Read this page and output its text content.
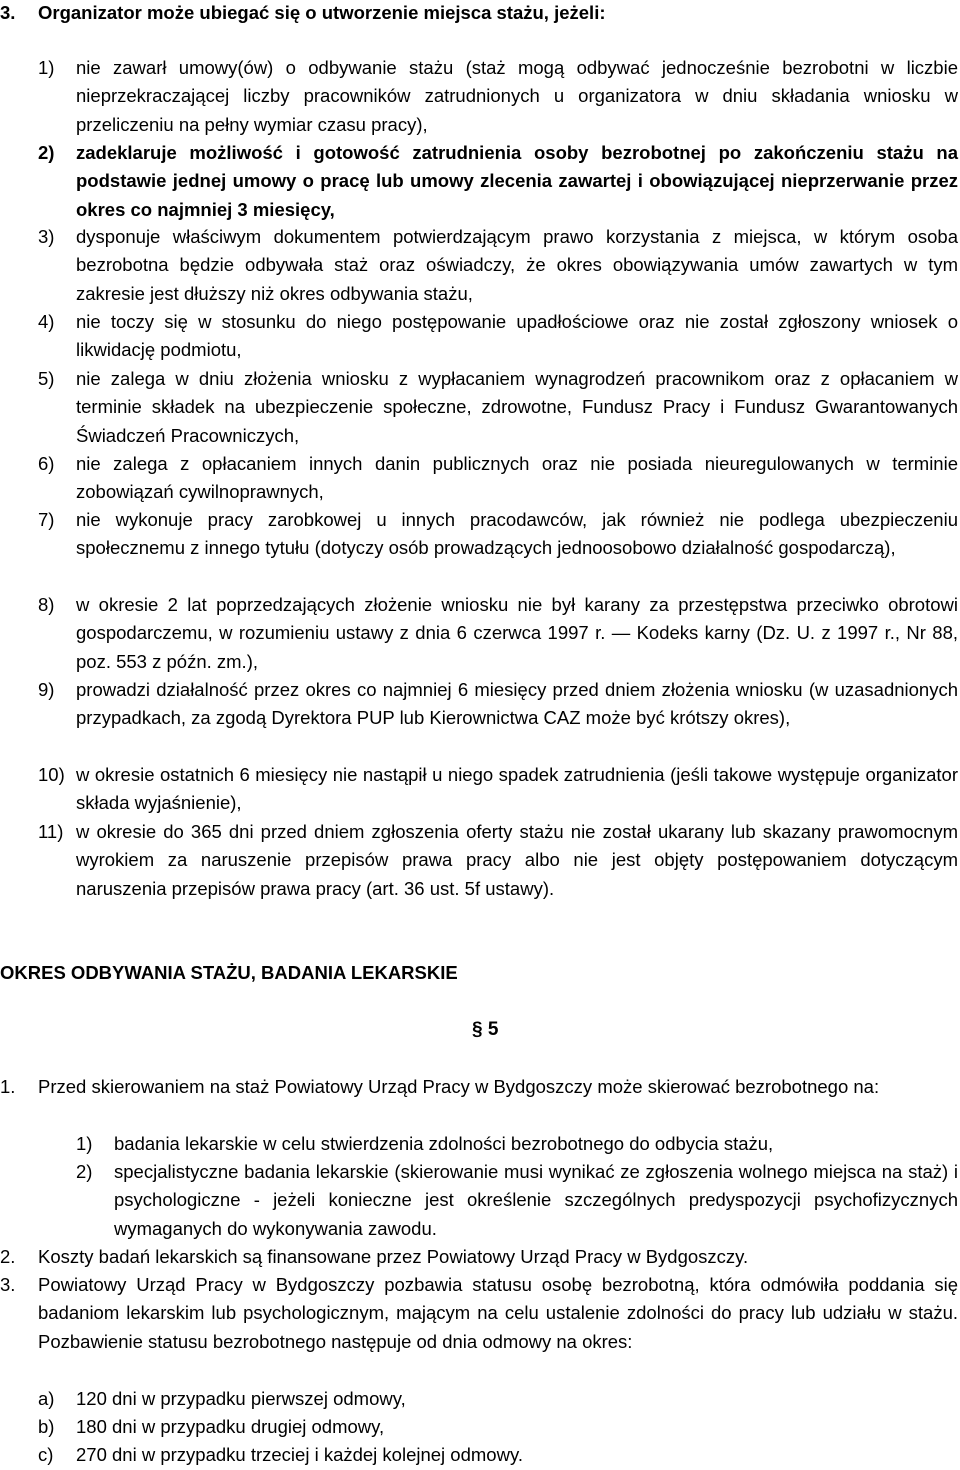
3.	Organizator może ubiegać się o utworzenie miejsca stażu, jeżeli:
1)	nie zawarł umowy(ów) o odbywanie stażu (staż mogą odbywać jednocześnie bezrobotni w liczbie nieprzekraczającej liczby pracowników zatrudnionych u organizatora w dniu składania wniosku w przeliczeniu na pełny wymiar czasu pracy),
2)	zadeklaruje możliwość i gotowość zatrudnienia osoby bezrobotnej po zakończeniu stażu na podstawie jednej umowy o pracę lub umowy zlecenia zawartej i obowiązującej nieprzerwanie przez okres co najmniej 3 miesięcy,
3)	dysponuje właściwym dokumentem potwierdzającym prawo korzystania z miejsca, w którym osoba bezrobotna będzie odbywała staż oraz oświadczy, że okres obowiązywania umów zawartych w tym zakresie jest dłuższy niż okres odbywania stażu,
4)	nie toczy się w stosunku do niego postępowanie upadłościowe oraz nie został zgłoszony wniosek o likwidację podmiotu,
5)	nie zalega w dniu złożenia wniosku z wypłacaniem wynagrodzeń pracownikom oraz z opłacaniem w terminie składek na ubezpieczenie społeczne, zdrowotne, Fundusz Pracy i Fundusz Gwarantowanych Świadczeń Pracowniczych,
6)	nie zalega z opłacaniem innych danin publicznych oraz nie posiada nieuregulowanych w terminie zobowiązań cywilnoprawnych,
7)	nie wykonuje pracy zarobkowej u innych pracodawców, jak również nie podlega ubezpieczeniu społecznemu z innego tytułu (dotyczy osób prowadzących jednoosobowo działalność gospodarczą),
8)	w okresie 2 lat poprzedzających złożenie wniosku nie był karany za przestępstwa przeciwko obrotowi gospodarczemu, w rozumieniu ustawy z dnia 6 czerwca 1997 r. — Kodeks karny (Dz. U. z 1997 r., Nr 88, poz. 553 z późn. zm.),
9)	prowadzi działalność przez okres co najmniej 6 miesięcy przed dniem złożenia wniosku (w uzasadnionych przypadkach, za zgodą Dyrektora PUP lub Kierownictwa CAZ może być krótszy okres),
10) w okresie ostatnich 6 miesięcy nie nastąpił u niego spadek zatrudnienia (jeśli takowe występuje organizator składa wyjaśnienie),
11) w okresie do 365 dni przed dniem zgłoszenia oferty stażu nie został ukarany lub skazany prawomocnym wyrokiem za naruszenie przepisów prawa pracy albo nie jest objęty postępowaniem dotyczącym naruszenia przepisów prawa pracy (art. 36 ust. 5f ustawy).
OKRES ODBYWANIA STAŻU, BADANIA LEKARSKIE
§ 5
1.	Przed skierowaniem na staż Powiatowy Urząd Pracy w Bydgoszczy może skierować bezrobotnego na:
1)	badania lekarskie w celu stwierdzenia zdolności bezrobotnego do odbycia stażu,
2)	specjalistyczne badania lekarskie (skierowanie musi wynikać ze zgłoszenia wolnego miejsca na staż) i psychologiczne - jeżeli konieczne jest określenie szczególnych predyspozycji psychofizycznych wymaganych do wykonywania zawodu.
2.	Koszty badań lekarskich są finansowane przez Powiatowy Urząd Pracy w Bydgoszczy.
3.	Powiatowy Urząd Pracy w Bydgoszczy pozbawia statusu osobę bezrobotną, która odmówiła poddania się badaniom lekarskim lub psychologicznym, mającym na celu ustalenie zdolności do pracy lub udziału w stażu. Pozbawienie statusu bezrobotnego następuje od dnia odmowy na okres:
a)	120 dni w przypadku pierwszej odmowy,
b)	180 dni w przypadku drugiej odmowy,
c)	270 dni w przypadku trzeciej i każdej kolejnej odmowy.
